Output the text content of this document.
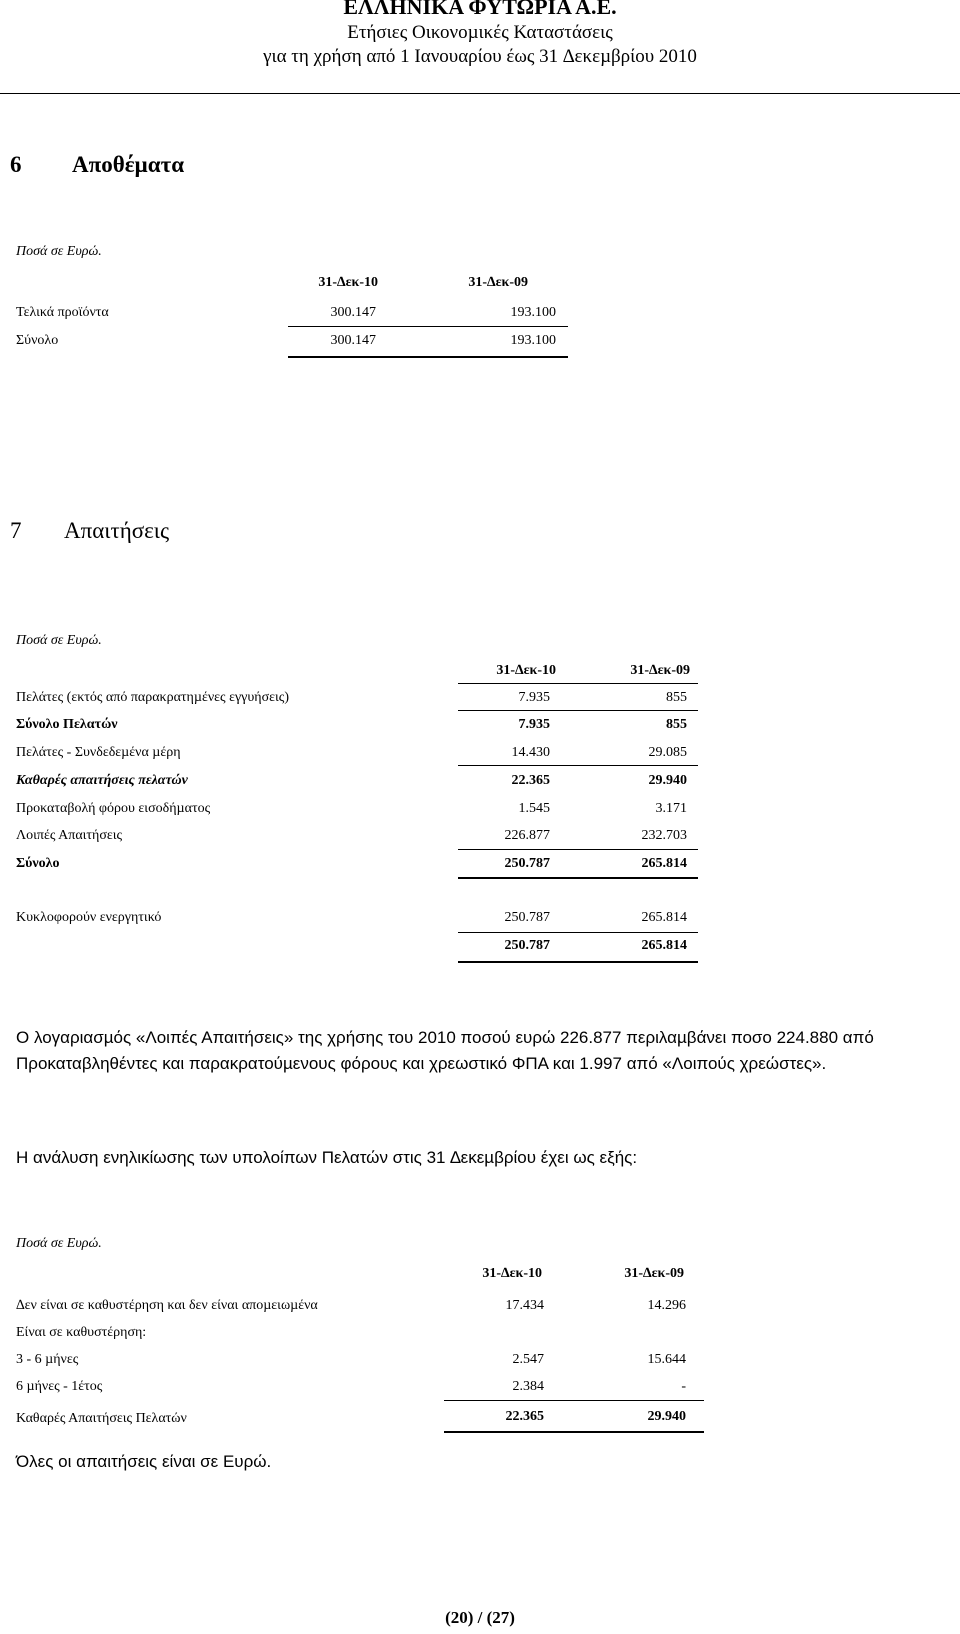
ΕΛΛΗΝΙΚΑ ΦΥΤΩΡΙΑ Α.Ε.
Ετήσιες Οικονοµικές Καταστάσεις
για τη χρήση από 1 Ιανουαρίου έως 31 ∆εκεµβρίου 2010
6 Αποθέµατα
Ποσά σε Ευρώ.
31-∆εκ-10	31-∆εκ-09
Τελικά προϊόντα	300.147	193.100
Σύνολο	300.147	193.100
7 Απαιτήσεις
Ποσά σε Ευρώ.
31-∆εκ-10	31-∆εκ-09
Πελάτες (εκτός από παρακρατηµένες εγγυήσεις)	7.935	855
Σύνολο Πελατών	7.935	855
Πελάτες - Συνδεδεµένα µέρη	14.430	29.085
Καθαρές απαιτήσεις πελατών	22.365	29.940
Προκαταβολή φόρου εισοδήµατος	1.545	3.171
Λοιπές Απαιτήσεις	226.877	232.703
Σύνολο	250.787	265.814
Κυκλοφορούν ενεργητικό	250.787	265.814
250.787	265.814
Ο λογαριασµός «Λοιπές Απαιτήσεις» της χρήσης του 2010 ποσού ευρώ 226.877 περιλαµβάνει ποσο 224.880 από Προκαταβληθέντες και παρακρατούµενους φόρους και χρεωστικό ΦΠΑ και 1.997 από «Λοιπούς χρεώστες».
Η ανάλυση ενηλικίωσης των υπολοίπων Πελατών στις 31 ∆εκεµβρίου έχει ως εξής:
Ποσά σε Ευρώ.
31-∆εκ-10	31-∆εκ-09
∆εν είναι σε καθυστέρηση και δεν είναι αποµειωµένα	17.434	14.296
Είναι σε καθυστέρηση:
3 - 6 µήνες	2.547	15.644
6 µήνες - 1έτος	2.384	-
Καθαρές Απαιτήσεις Πελατών	22.365	29.940
Όλες οι απαιτήσεις είναι σε Ευρώ.
(20) / (27)
